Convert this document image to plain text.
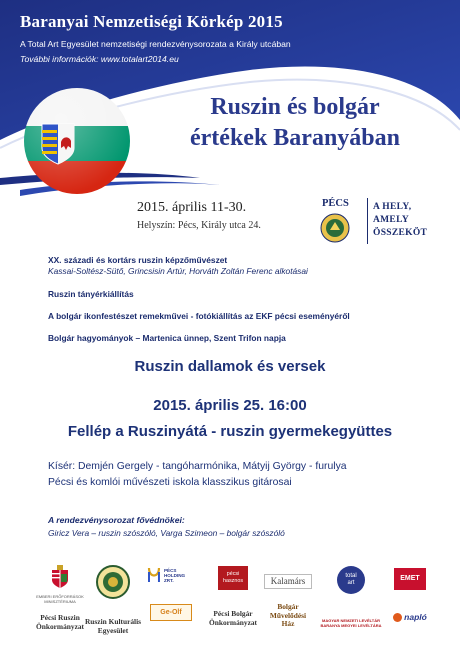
Baranyai Nemzetiségi Körkép 2015
A Total Art Egyesület nemzetiségi rendezvénysorozata a Király utcában
További információk: www.totalart2014.eu
Ruszin és bolgár
értékek Baranyában
2015. április 11-30.
Helyszín: Pécs, Király utca 24.
PÉCS	A HELY,
AMELY
ÖSSZEKÖT
XX. századi és kortárs ruszin képzőművészet
Kassai-Soltész-Sütő, Grincsisin Artúr, Horváth Zoltán Ferenc alkotásai
Ruszin tányérkiállítás
A bolgár ikonfestészet remekművei - fotókiállítás az EKF pécsi eseményéről
Bolgár hagyományok – Martenica ünnep, Szent Trifon napja
Ruszin dallamok és versek
2015. április 25. 16:00
Fellép a Ruszinyátá - ruszin gyermekegyüttes
Kísér: Demjén Gergely - tangóharmónika, Mátyij György - furulya
Pécsi és komlói művészeti iskola klasszikus gitárosai
A rendezvénysorozat fővédnökei:
Giricz Vera – ruszin szószóló, Varga Szimeon – bolgár szószóló
EMBERI ERŐFORRÁSOK
MINISZTÉRIUMA
Pécsi Ruszin
Önkormányzat
Ruszin Kulturális
Egyesület
PÉCS
HOLDING ZRT.
Ge-Olf
pécsi
hasznos
Pécsi Bolgár
Önkormányzat
Kalamárs
Bolgár
Művelődési
Ház
total
art
MAGYAR NEMZETI LEVÉLTÁR
BARANYA MEGYEI LEVÉLTÁRA
EMET
napló
